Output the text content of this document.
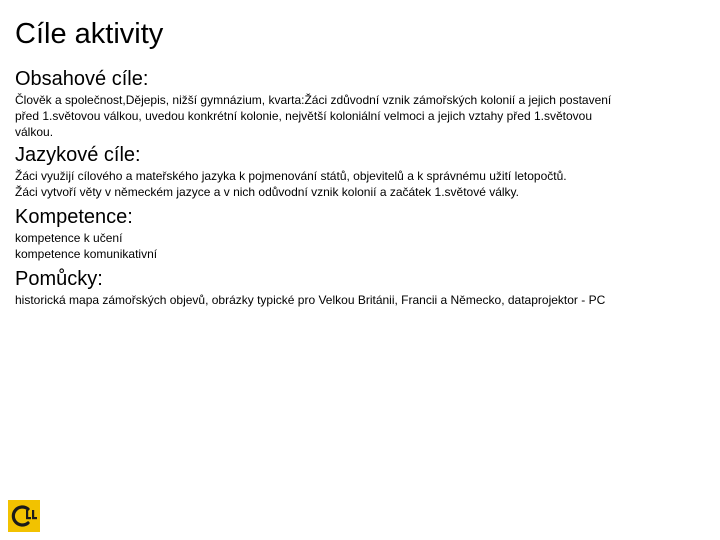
Cíle aktivity
Obsahové cíle:

Člověk a společnost,Dějepis, nižší gymnázium, kvarta:Žáci zdůvodní vznik zámořských kolonií a jejich postavení

před 1.světovou válkou, uvedou konkrétní kolonie, největší koloniální velmoci a jejich vztahy před 1.světovou

válkou.

Jazykové cíle:

Žáci využijí cílového a mateřského jazyka k pojmenování států, objevitelů a k správnému užití letopočtů.

Žáci vytvoří věty v německém jazyce a v nich odůvodní vznik kolonií a začátek 1.světové války.

Kompetence:

kompetence k učení

kompetence komunikativní

Pomůcky:

historická mapa zámořských objevů, obrázky typické pro Velkou Británii, Francii a Německo, dataprojektor - PC
